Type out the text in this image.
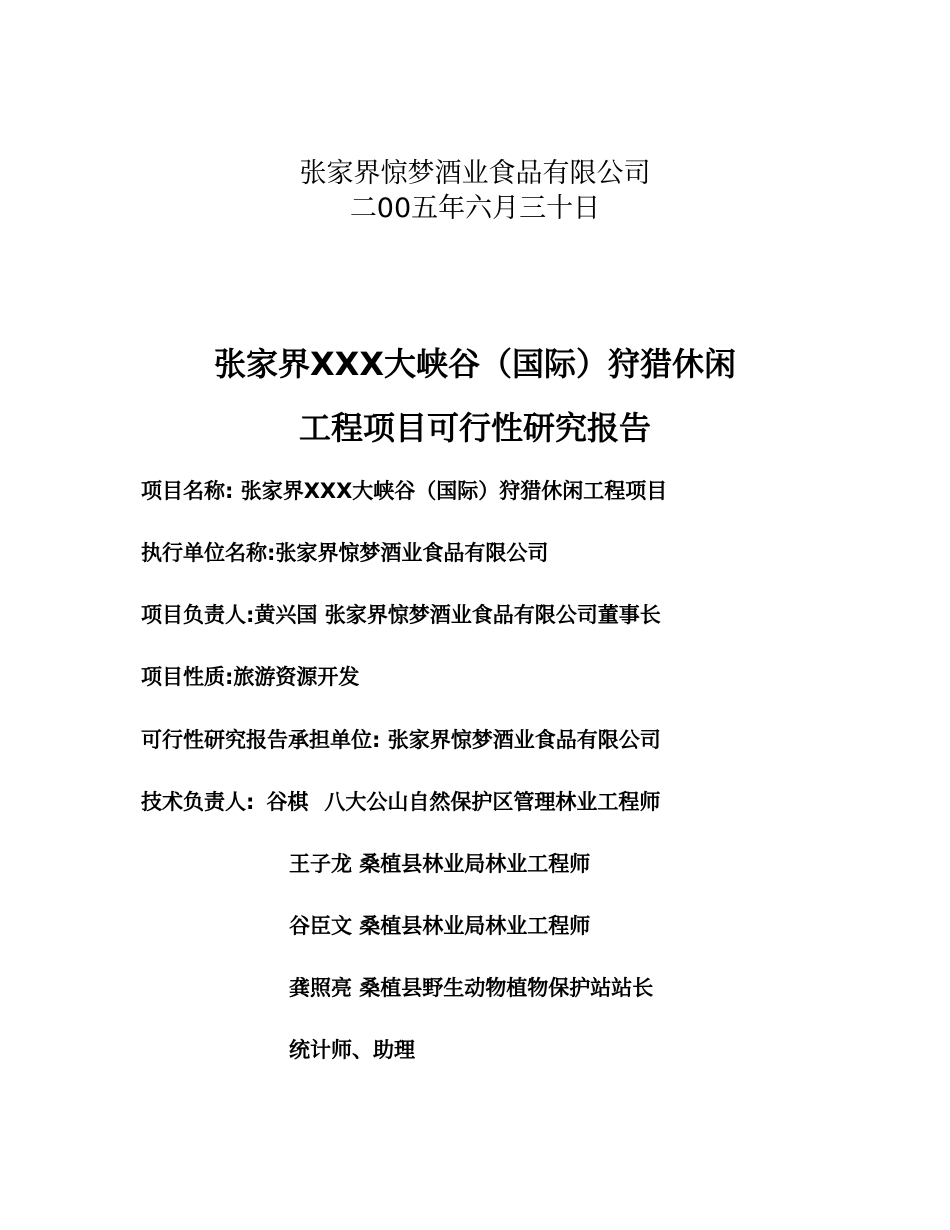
张家界惊梦酒业食品有限公司
二00五年六月三十日
张家界XXX大峡谷（国际）狩猎休闲
工程项目可行性研究报告
项目名称: 张家界XXX大峡谷（国际）狩猎休闲工程项目
执行单位名称:张家界惊梦酒业食品有限公司
项目负责人:黄兴国 张家界惊梦酒业食品有限公司董事长
项目性质:旅游资源开发
可行性研究报告承担单位: 张家界惊梦酒业食品有限公司
技术负责人: 谷棋 八大公山自然保护区管理林业工程师
王子龙 桑植县林业局林业工程师
谷臣文 桑植县林业局林业工程师
龚照亮 桑植县野生动物植物保护站站长
统计师、助理
